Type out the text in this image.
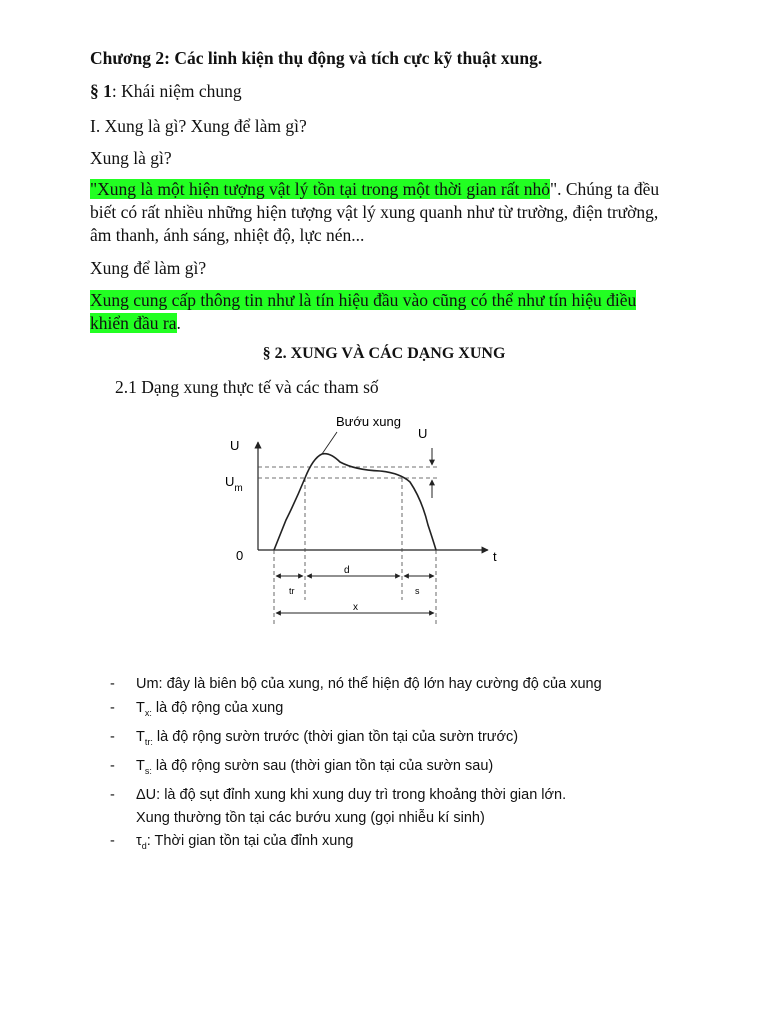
Chương 2: Các linh kiện thụ động và tích cực kỹ thuật xung.
§ 1: Khái niệm chung
I. Xung là gì? Xung để làm gì?
Xung là gì?
"Xung là một hiện tượng vật lý tồn tại trong một thời gian rất nhỏ". Chúng ta đều
biết có rất nhiều những hiện tượng vật lý xung quanh như từ trường, điện trường,
âm thanh, ánh sáng, nhiệt độ, lực nén...
Xung để làm gì?
Xung cung cấp thông tin như là tín hiệu đầu vào cũng có thể như tín hiệu điều
khiển đầu ra.
§ 2. XUNG VÀ CÁC DẠNG XUNG
2.1 Dạng xung thực tế và các tham số
Bướu xung
U
U
$U_m$
0	t
tr
d
s
x
- Um: đây là biên bộ của xung, nó thể hiện độ lớn hay cường độ của xung
- $T_{x:}$ là độ rộng của xung
- $T_{tr:}$ là độ rộng sườn trước (thời gian tồn tại của sườn trước)
- $T_{s:}$ là độ rộng sườn sau (thời gian tồn tại của sườn sau)
- ΔU: là độ sụt đỉnh xung khi xung duy trì trong khoảng thời gian lớn.
Xung thường tồn tại các bướu xung (gọi nhiễu kí sinh)
- $\tau_d$: Thời gian tồn tại của đỉnh xung
